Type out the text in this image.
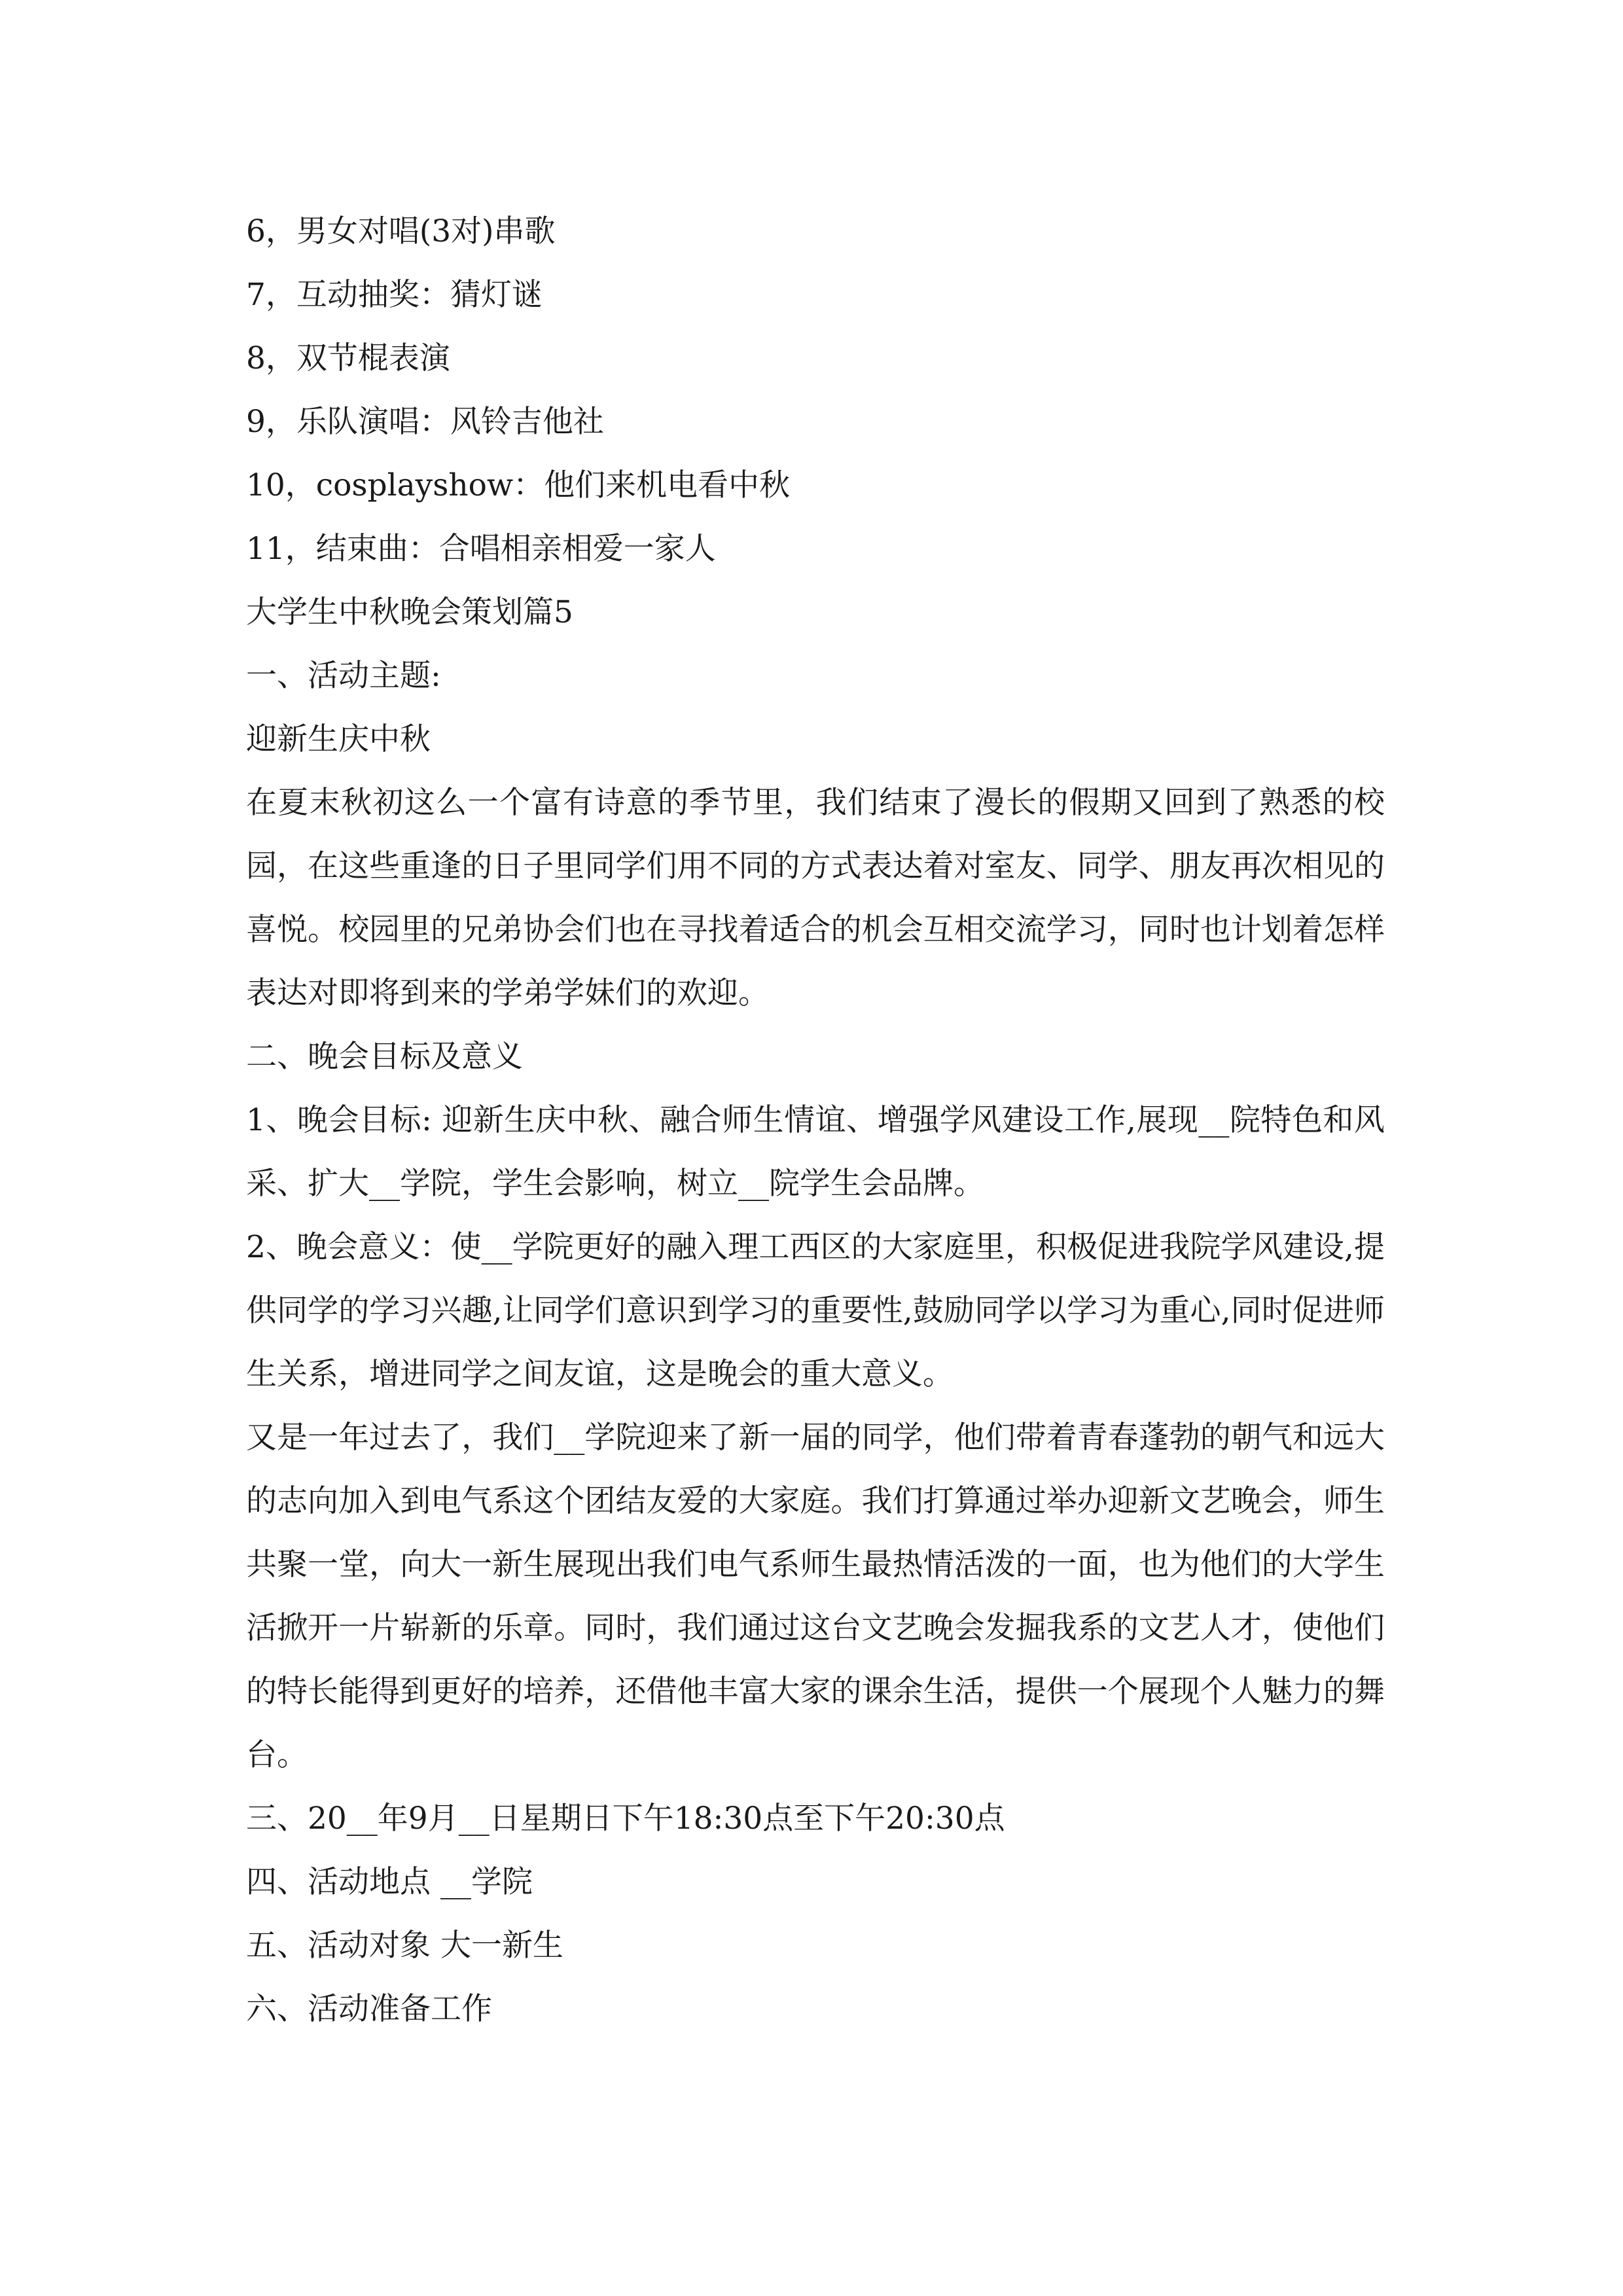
6，男女对唱(3对)串歌
7，互动抽奖：猜灯谜
8，双节棍表演
9，乐队演唱：风铃吉他社
10，cosplayshow：他们来机电看中秋
11，结束曲：合唱相亲相爱一家人
大学生中秋晚会策划篇5
一、活动主题:
迎新生庆中秋

在夏末秋初这么一个富有诗意的季节里，我们结束了漫长的假期又回到了熟悉的校园，在这些重逢的日子里同学们用不同的方式表达着对室友、同学、朋友再次相见的喜悦。校园里的兄弟协会们也在寻找着适合的机会互相交流学习，同时也计划着怎样表达对即将到来的学弟学妹们的欢迎。

二、晚会目标及意义

1、晚会目标: 迎新生庆中秋、融合师生情谊、增强学风建设工作,展现__院特色和风采、扩大__学院，学生会影响，树立__院学生会品牌。

2、晚会意义：使__学院更好的融入理工西区的大家庭里，积极促进我院学风建设,提供同学的学习兴趣,让同学们意识到学习的重要性,鼓励同学以学习为重心,同时促进师生关系，增进同学之间友谊，这是晚会的重大意义。

又是一年过去了，我们__学院迎来了新一届的同学，他们带着青春蓬勃的朝气和远大的志向加入到电气系这个团结友爱的大家庭。我们打算通过举办迎新文艺晚会，师生共聚一堂，向大一新生展现出我们电气系师生最热情活泼的一面，也为他们的大学生活掀开一片崭新的乐章。同时，我们通过这台文艺晚会发掘我系的文艺人才，使他们的特长能得到更好的培养，还借他丰富大家的课余生活，提供一个展现个人魅力的舞台。

三、20__年9月__日星期日下午18:30点至下午20:30点
四、活动地点 __学院
五、活动对象 大一新生
六、活动准备工作
